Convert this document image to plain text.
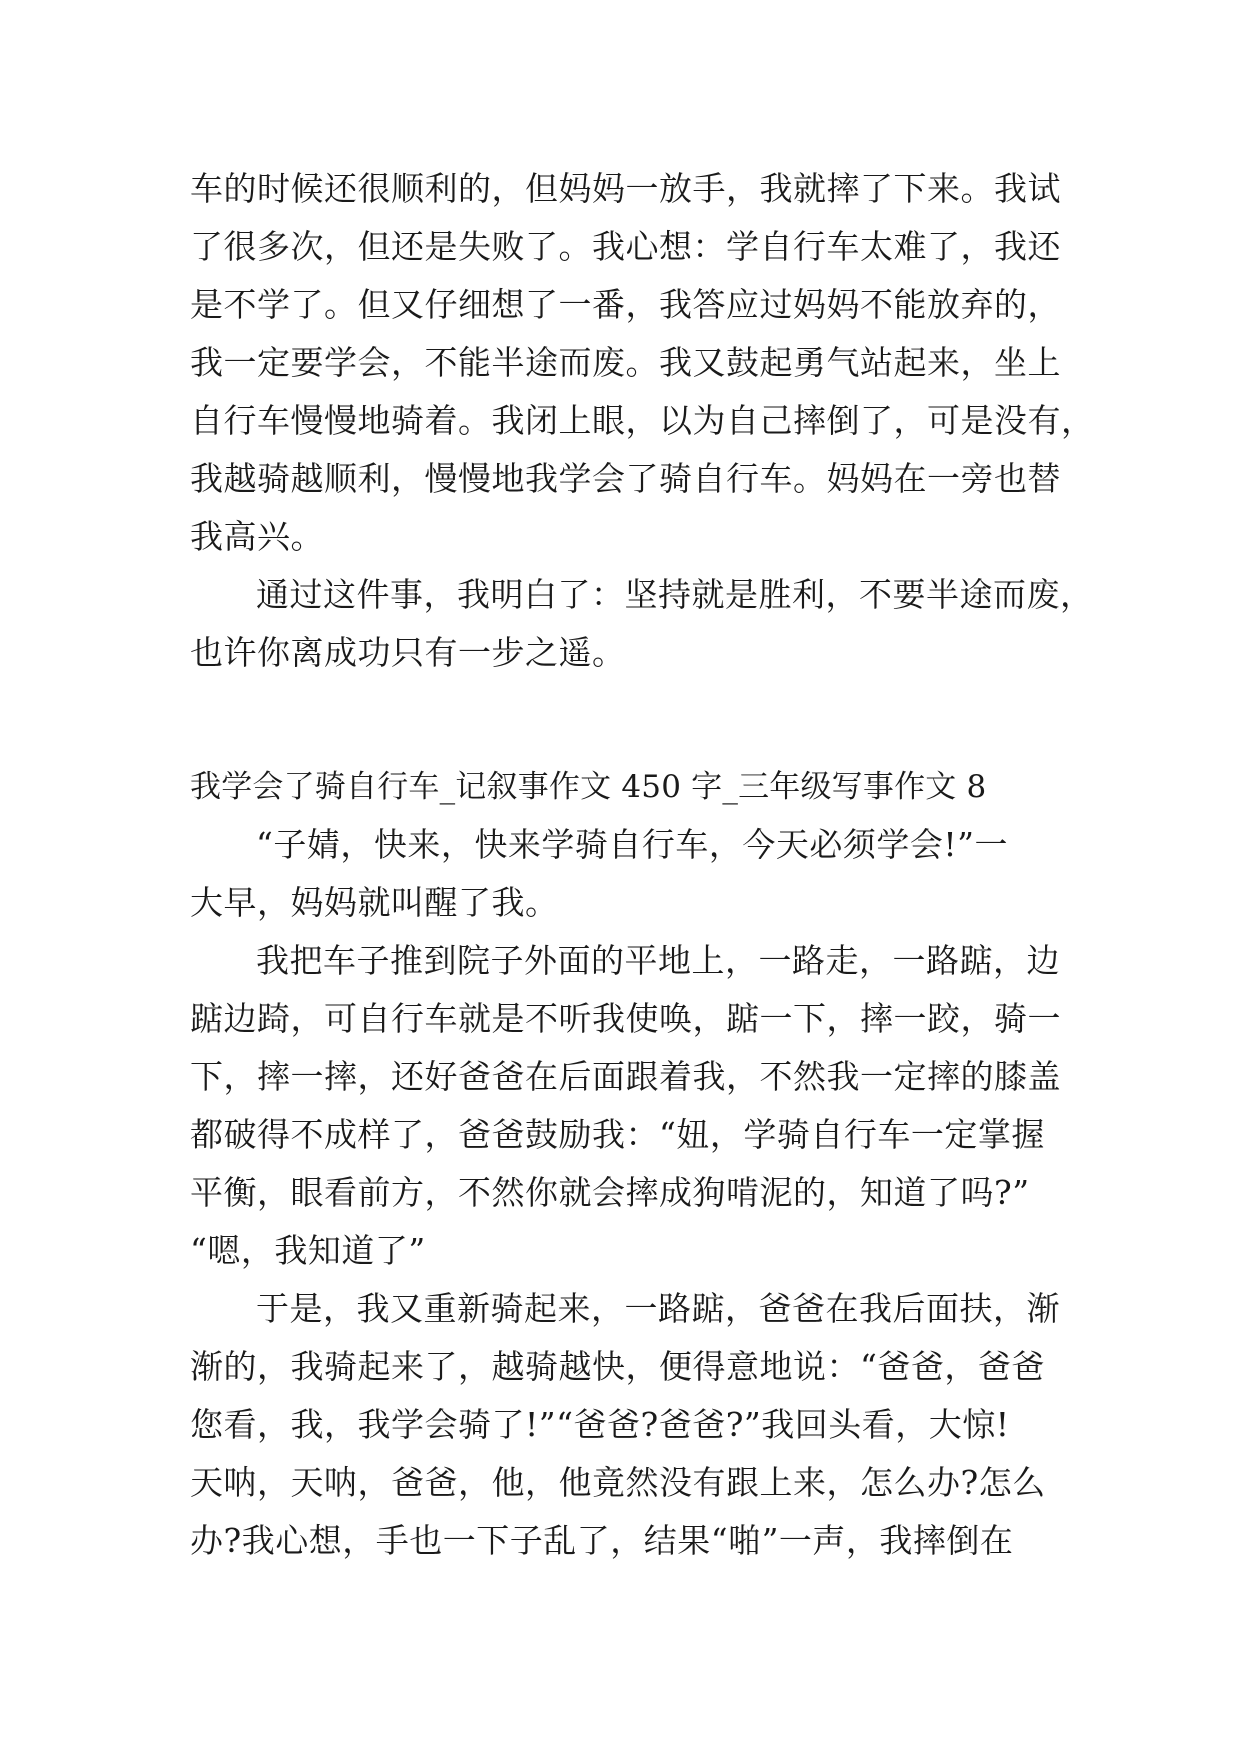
车的时候还很顺利的，但妈妈一放手，我就摔了下来。我试
了很多次，但还是失败了。我心想：学自行车太难了，我还
是不学了。但又仔细想了一番，我答应过妈妈不能放弃的，
我一定要学会，不能半途而废。我又鼓起勇气站起来，坐上
自行车慢慢地骑着。我闭上眼，以为自己摔倒了，可是没有，
我越骑越顺利，慢慢地我学会了骑自行车。妈妈在一旁也替
我高兴。
通过这件事，我明白了：坚持就是胜利，不要半途而废，
也许你离成功只有一步之遥。
我学会了骑自行车_记叙事作文 450 字_三年级写事作文 8
“子婧，快来，快来学骑自行车，今天必须学会!”一
大早，妈妈就叫醒了我。
我把车子推到院子外面的平地上，一路走，一路踮，边
踮边踦，可自行车就是不听我使唤，踮一下，摔一跤，骑一
下，摔一摔，还好爸爸在后面跟着我，不然我一定摔的膝盖
都破得不成样了，爸爸鼓励我：“妞，学骑自行车一定掌握
平衡，眼看前方，不然你就会摔成狗啃泥的，知道了吗?”
“嗯，我知道了”
于是，我又重新骑起来，一路踮，爸爸在我后面扶，渐
渐的，我骑起来了，越骑越快，便得意地说：“爸爸，爸爸
您看，我，我学会骑了!”“爸爸?爸爸?”我回头看，大惊!
天呐，天呐，爸爸，他，他竟然没有跟上来，怎么办?怎么
办?我心想，手也一下子乱了，结果“啪”一声，我摔倒在
